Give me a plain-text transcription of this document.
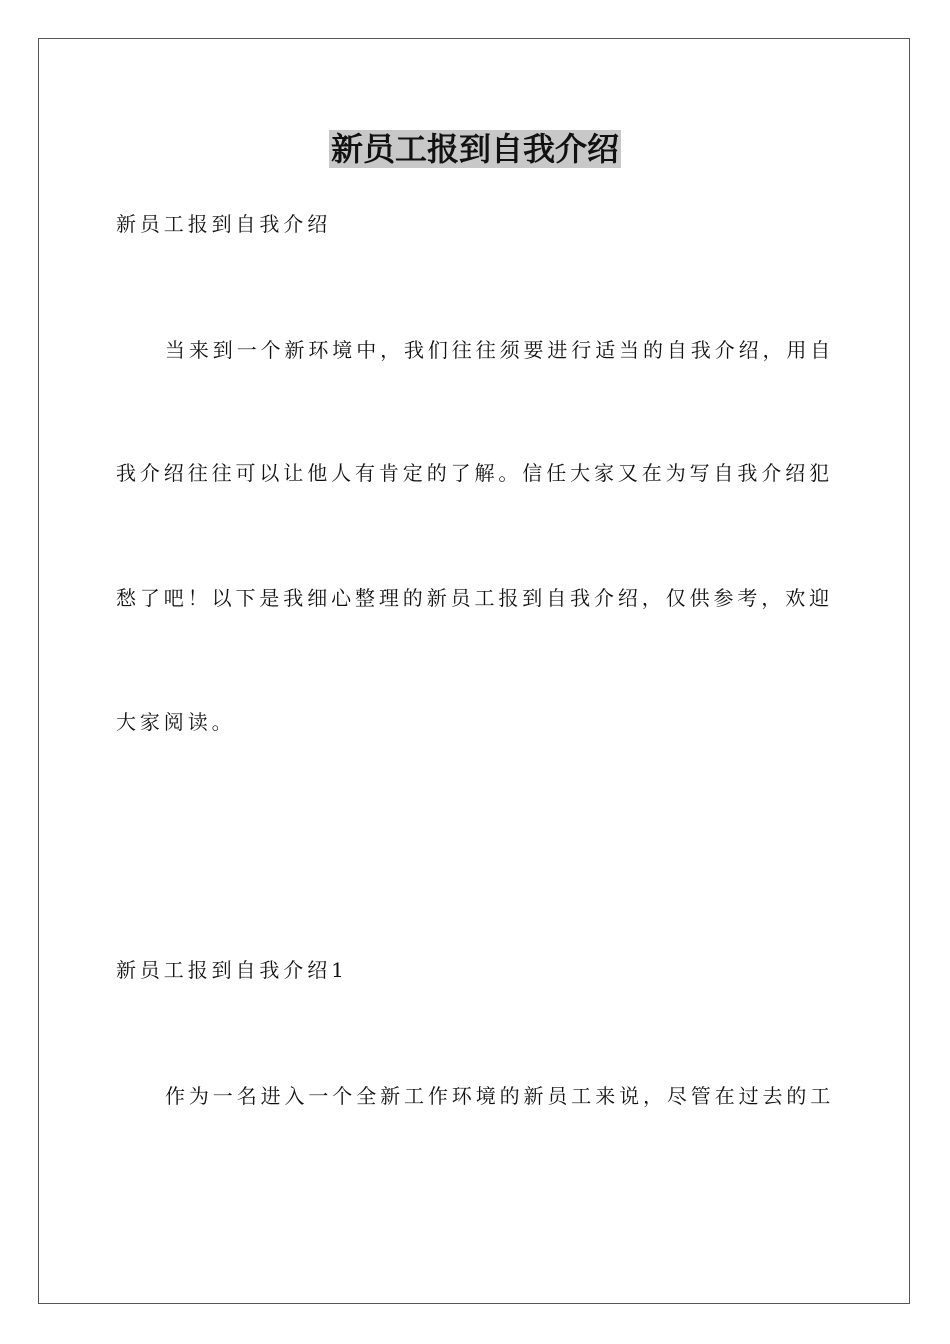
新员工报到自我介绍

新员工报到自我介绍

当来到一个新环境中，我们往往须要进行适当的自我介绍，用自

我介绍往往可以让他人有肯定的了解。信任大家又在为写自我介绍犯

愁了吧！以下是我细心整理的新员工报到自我介绍，仅供参考，欢迎

大家阅读。

新员工报到自我介绍1

作为一名进入一个全新工作环境的新员工来说，尽管在过去的工
